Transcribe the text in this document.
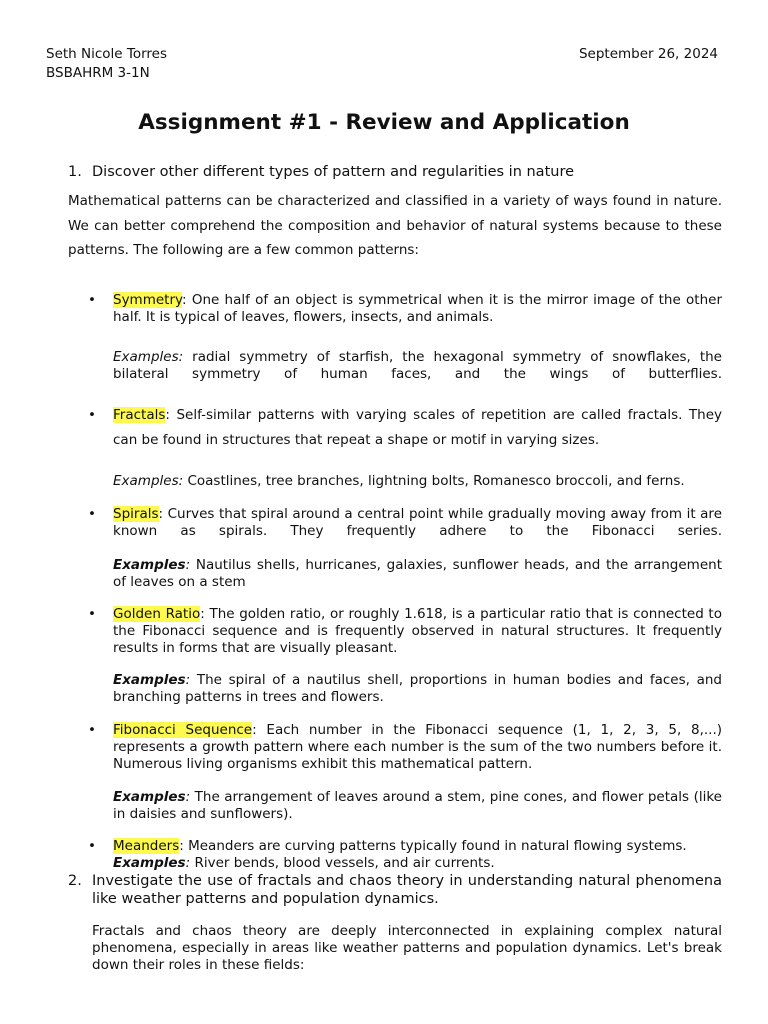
Seth Nicole Torres
BSBAHRM 3-1N
September 26, 2024
Assignment #1 - Review and Application
1. Discover other different types of pattern and regularities in nature
Mathematical patterns can be characterized and classified in a variety of ways found in nature. We can better comprehend the composition and behavior of natural systems because to these patterns. The following are a few common patterns:
• Symmetry: One half of an object is symmetrical when it is the mirror image of the other half. It is typical of leaves, flowers, insects, and animals.
Examples: radial symmetry of starfish, the hexagonal symmetry of snowflakes, the bilateral symmetry of human faces, and the wings of butterflies.
• Fractals: Self-similar patterns with varying scales of repetition are called fractals. They can be found in structures that repeat a shape or motif in varying sizes.
Examples: Coastlines, tree branches, lightning bolts, Romanesco broccoli, and ferns.
• Spirals: Curves that spiral around a central point while gradually moving away from it are known as spirals. They frequently adhere to the Fibonacci series.
Examples: Nautilus shells, hurricanes, galaxies, sunflower heads, and the arrangement of leaves on a stem
• Golden Ratio: The golden ratio, or roughly 1.618, is a particular ratio that is connected to the Fibonacci sequence and is frequently observed in natural structures. It frequently results in forms that are visually pleasant.
Examples: The spiral of a nautilus shell, proportions in human bodies and faces, and branching patterns in trees and flowers.
• Fibonacci Sequence: Each number in the Fibonacci sequence (1, 1, 2, 3, 5, 8,...) represents a growth pattern where each number is the sum of the two numbers before it. Numerous living organisms exhibit this mathematical pattern.
Examples: The arrangement of leaves around a stem, pine cones, and flower petals (like in daisies and sunflowers).
• Meanders: Meanders are curving patterns typically found in natural flowing systems.
Examples: River bends, blood vessels, and air currents.
2. Investigate the use of fractals and chaos theory in understanding natural phenomena like weather patterns and population dynamics.
Fractals and chaos theory are deeply interconnected in explaining complex natural phenomena, especially in areas like weather patterns and population dynamics. Let's break down their roles in these fields:
